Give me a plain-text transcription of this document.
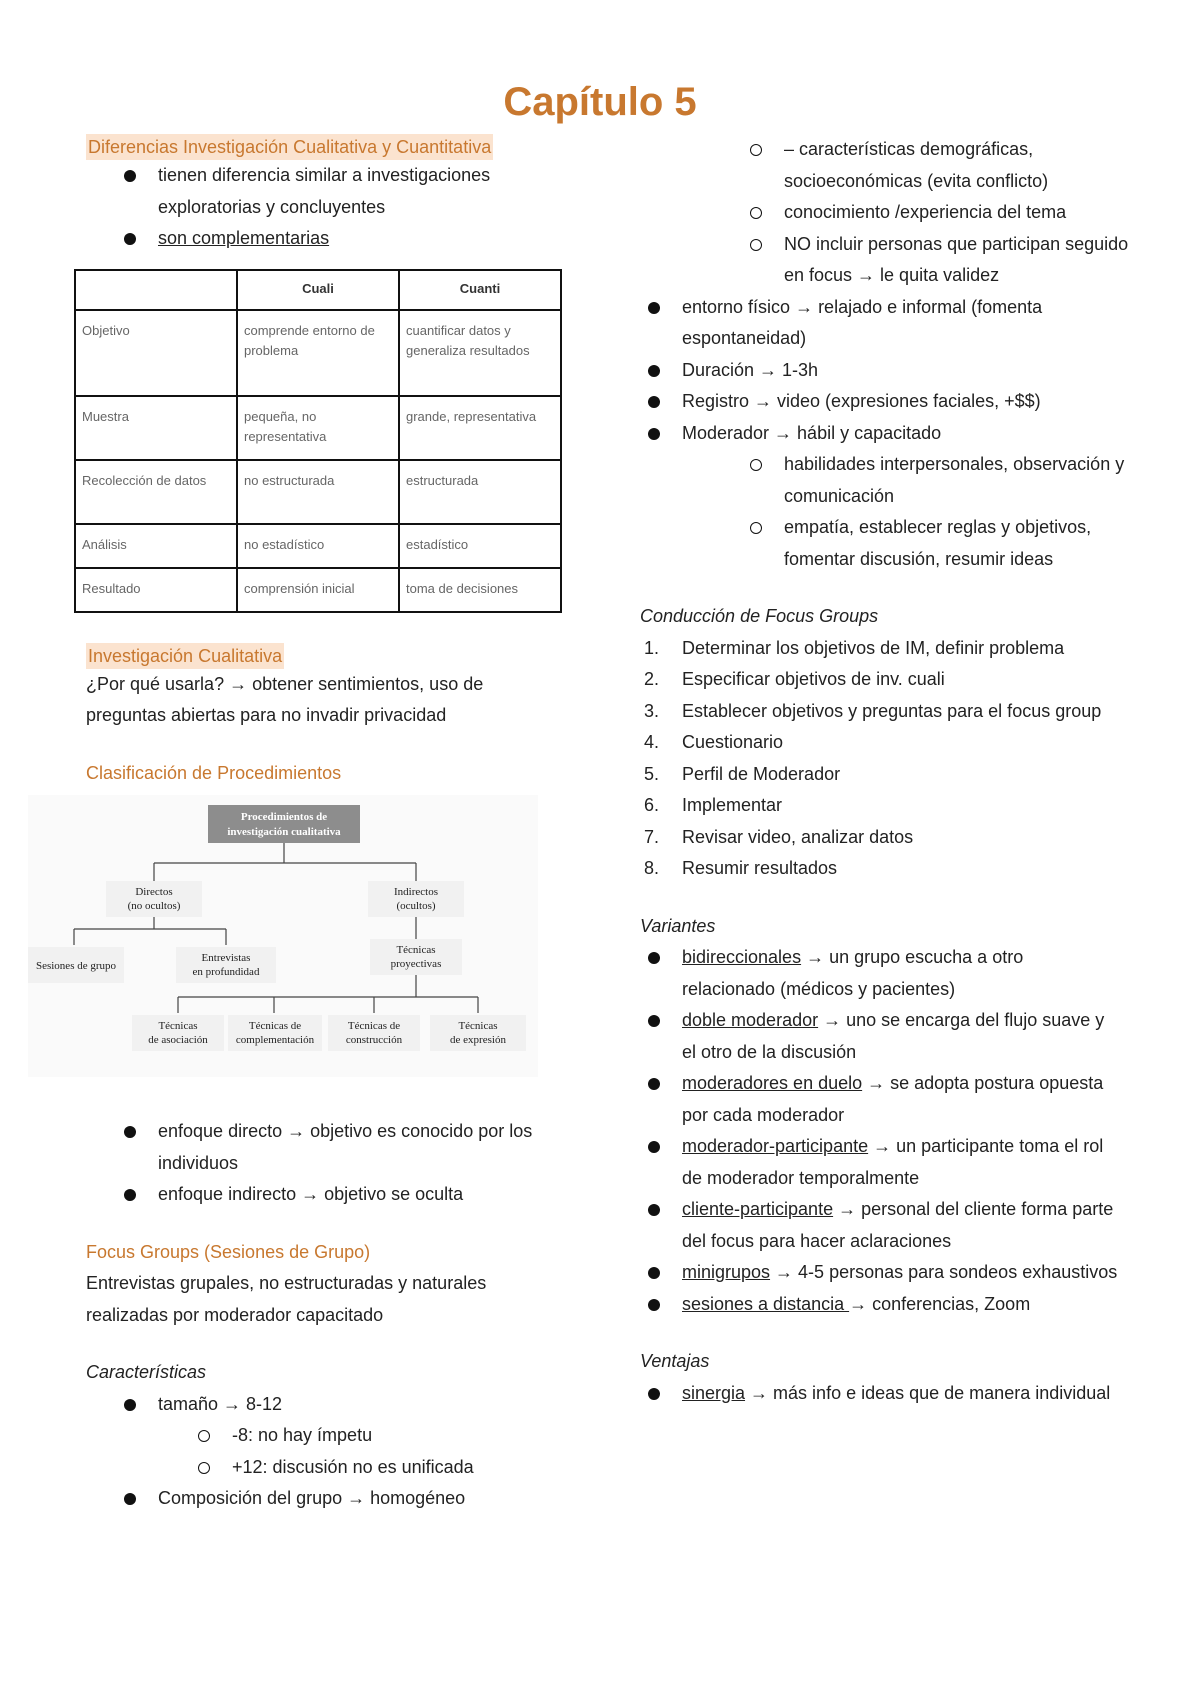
Capítulo 5
Diferencias Investigación Cualitativa y Cuantitativa
tienen diferencia similar a investigaciones exploratorias y concluyentes
son complementarias
	Cuali	Cuanti
Objetivo	comprende entorno de problema	cuantificar datos y generaliza resultados
Muestra	pequeña, no representativa	grande, representativa
Recolección de datos	no estructurada	estructurada
Análisis	no estadístico	estadístico
Resultado	comprensión inicial	toma de decisiones
Investigación Cualitativa
¿Por qué usarla? → obtener sentimientos, uso de preguntas abiertas para no invadir privacidad
Clasificación de Procedimientos
Procedimientos de
investigación cualitativa
Directos
(no ocultos)
Indirectos
(ocultos)
Sesiones de grupo
Entrevistas
en profundidad
Técnicas
proyectivas
Técnicas
de asociación
Técnicas de
complementación
Técnicas de
construcción
Técnicas
de expresión
enfoque directo → objetivo es conocido por los individuos
enfoque indirecto → objetivo se oculta
Focus Groups (Sesiones de Grupo)
Entrevistas grupales, no estructuradas y naturales realizadas por moderador capacitado
Características
tamaño → 8-12
-8: no hay ímpetu
+12: discusión no es unificada
Composición del grupo → homogéneo
– características demográficas, socioeconómicas (evita conflicto)
conocimiento /experiencia del tema
NO incluir personas que participan seguido en focus → le quita validez
entorno físico → relajado e informal (fomenta espontaneidad)
Duración → 1-3h
Registro → video (expresiones faciales, +$$)
Moderador → hábil y capacitado
habilidades interpersonales, observación y comunicación
empatía, establecer reglas y objetivos, fomentar discusión, resumir ideas
Conducción de Focus Groups
1. Determinar los objetivos de IM, definir problema
2. Especificar objetivos de inv. cuali
3. Establecer objetivos y preguntas para el focus group
4. Cuestionario
5. Perfil de Moderador
6. Implementar
7. Revisar video, analizar datos
8. Resumir resultados
Variantes
bidireccionales → un grupo escucha a otro relacionado (médicos y pacientes)
doble moderador → uno se encarga del flujo suave y el otro de la discusión
moderadores en duelo → se adopta postura opuesta por cada moderador
moderador-participante → un participante toma el rol de moderador temporalmente
cliente-participante → personal del cliente forma parte del focus para hacer aclaraciones
minigrupos → 4-5 personas para sondeos exhaustivos
sesiones a distancia → conferencias, Zoom
Ventajas
sinergia → más info e ideas que de manera individual
